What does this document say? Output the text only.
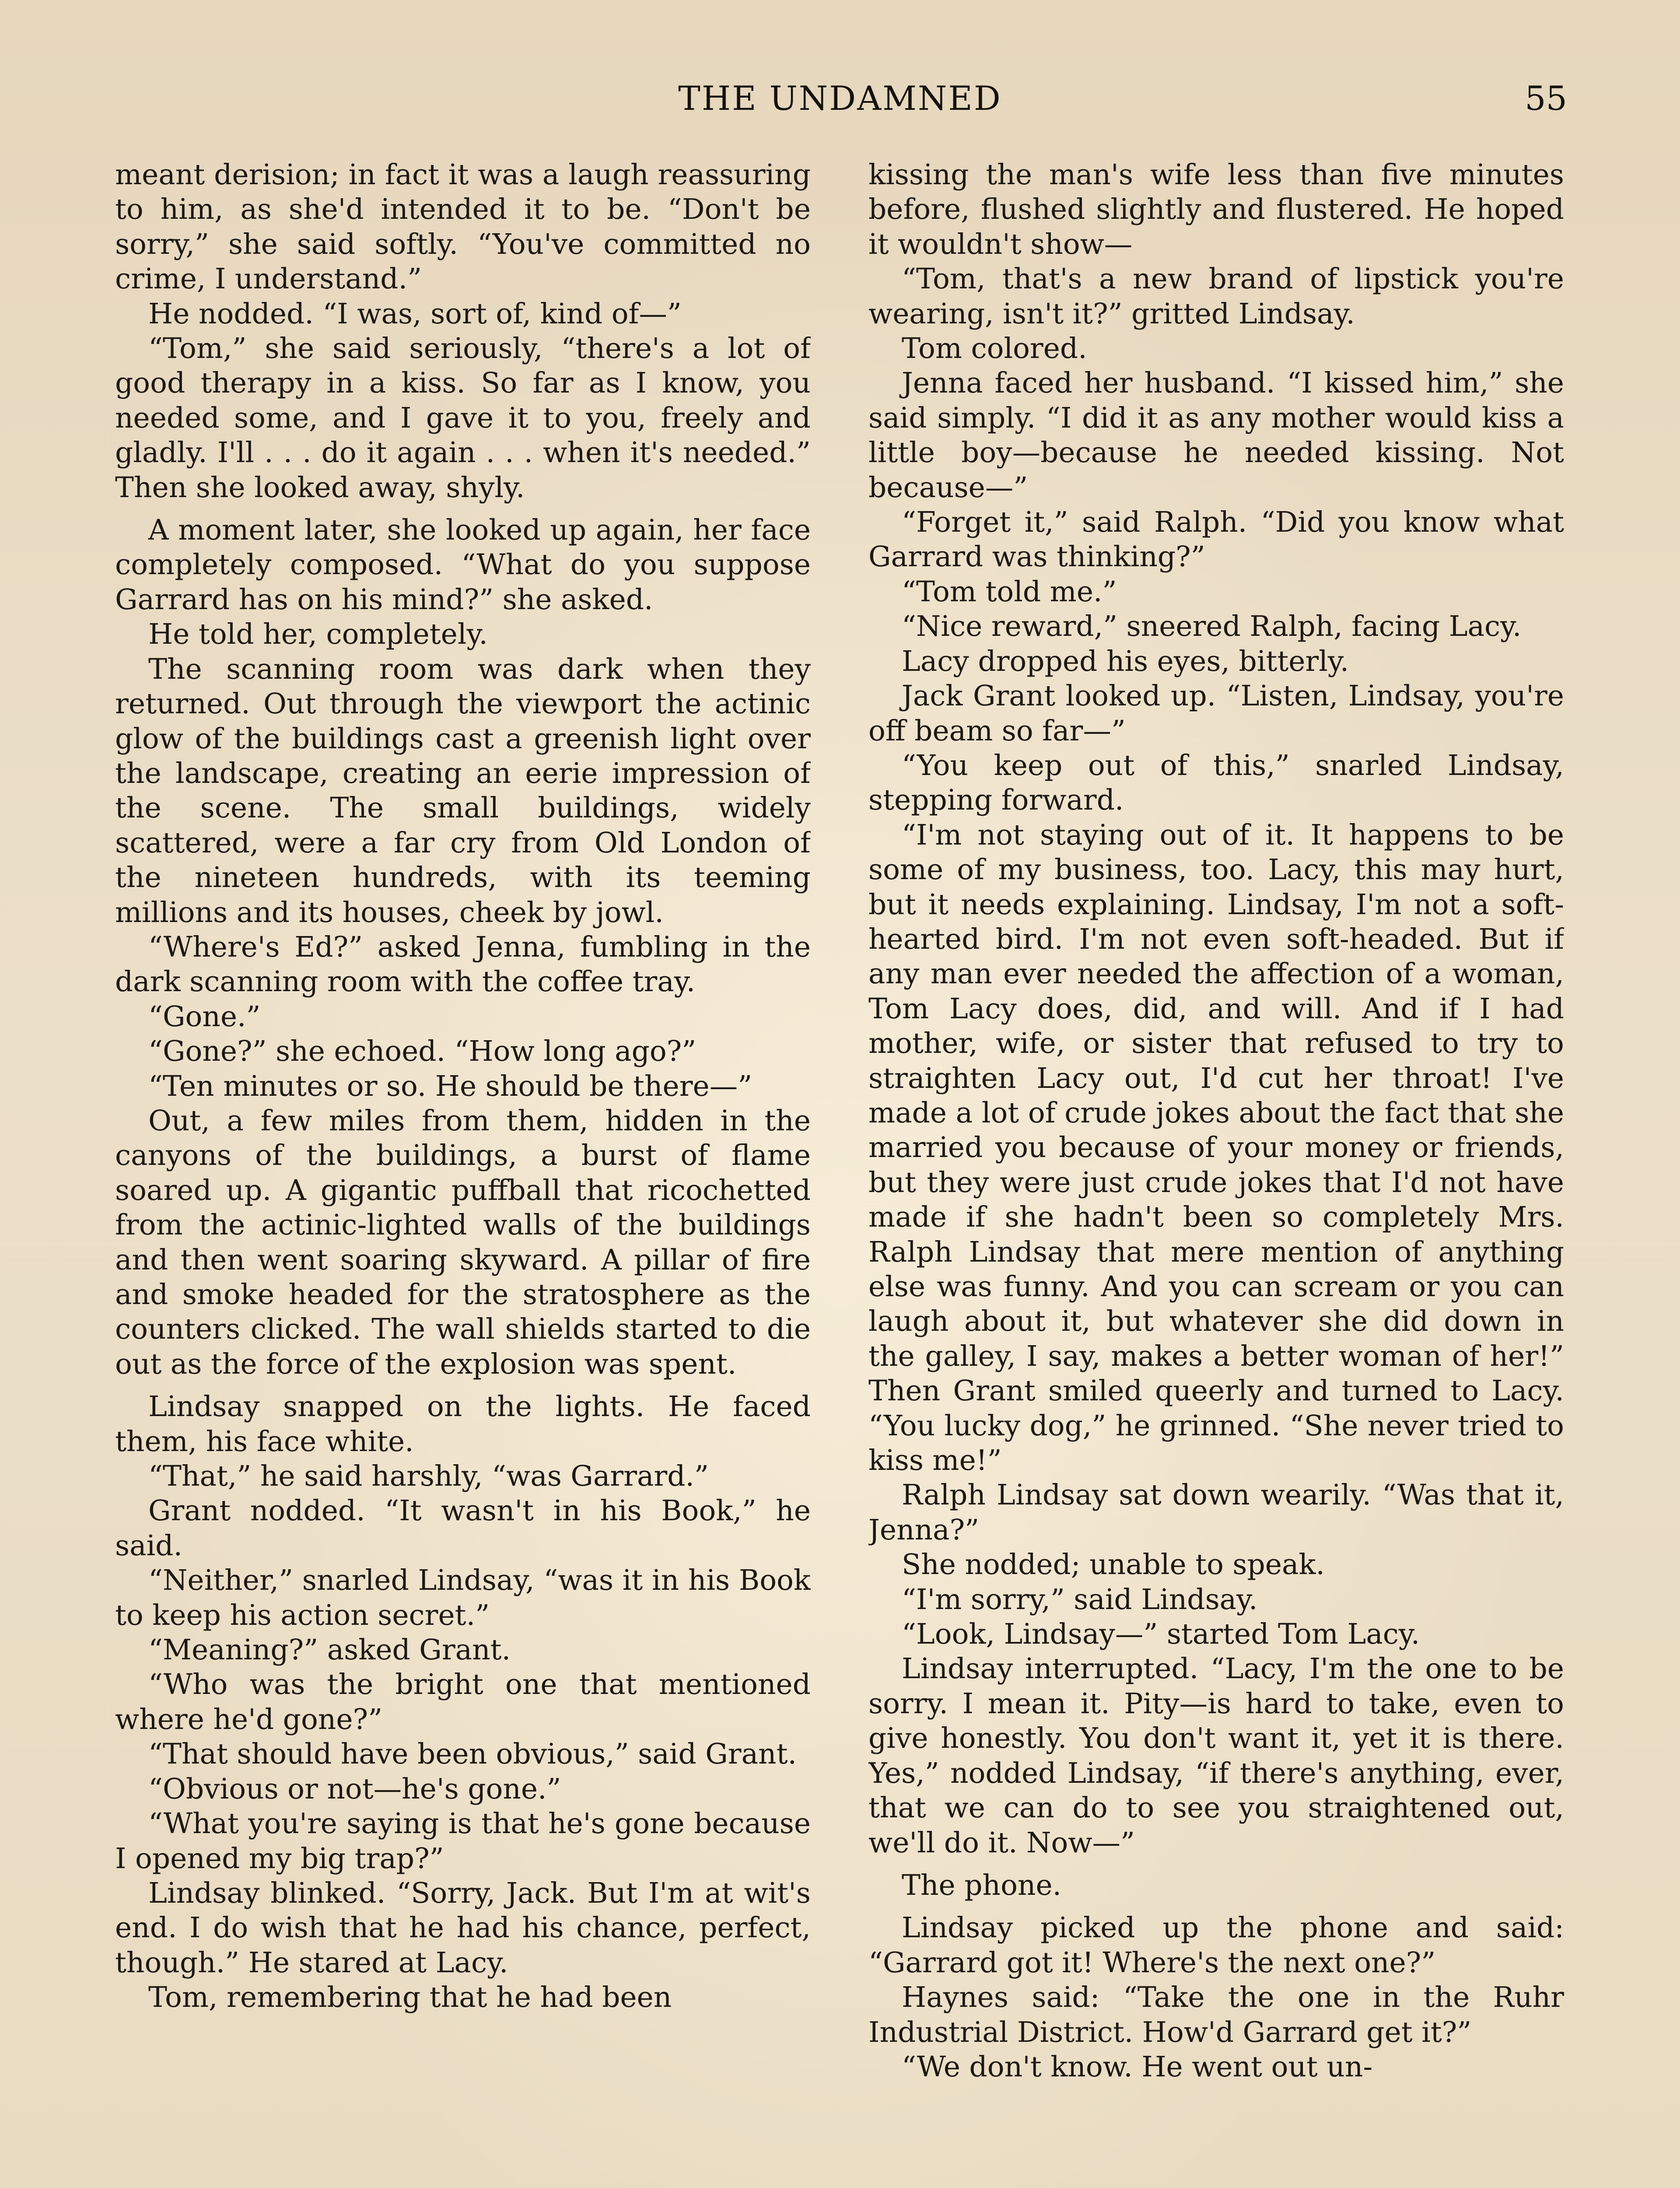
THE UNDAMNED	55

meant derision; in fact it was a laugh reassuring to him, as she'd intended it to be. “Don't be sorry,” she said softly. “You've committed no crime, I understand.”

He nodded. “I was, sort of, kind of—”

“Tom,” she said seriously, “there's a lot of good therapy in a kiss. So far as I know, you needed some, and I gave it to you, freely and gladly. I'll . . . do it again . . . when it's needed.” Then she looked away, shyly.

A moment later, she looked up again, her face completely composed. “What do you suppose Garrard has on his mind?” she asked.

He told her, completely.

The scanning room was dark when they returned. Out through the viewport the actinic glow of the buildings cast a greenish light over the landscape, creating an eerie impression of the scene. The small buildings, widely scattered, were a far cry from Old London of the nineteen hundreds, with its teeming millions and its houses, cheek by jowl.

“Where's Ed?” asked Jenna, fumbling in the dark scanning room with the coffee tray.

“Gone.”

“Gone?” she echoed. “How long ago?”

“Ten minutes or so. He should be there—”

Out, a few miles from them, hidden in the canyons of the buildings, a burst of flame soared up. A gigantic puffball that ricochetted from the actinic-lighted walls of the buildings and then went soaring skyward. A pillar of fire and smoke headed for the stratosphere as the counters clicked. The wall shields started to die out as the force of the explosion was spent.

Lindsay snapped on the lights. He faced them, his face white.

“That,” he said harshly, “was Garrard.”

Grant nodded. “It wasn't in his Book,” he said.

“Neither,” snarled Lindsay, “was it in his Book to keep his action secret.”

“Meaning?” asked Grant.

“Who was the bright one that mentioned where he'd gone?”

“That should have been obvious,” said Grant.

“Obvious or not—he's gone.”

“What you're saying is that he's gone because I opened my big trap?”

Lindsay blinked. “Sorry, Jack. But I'm at wit's end. I do wish that he had his chance, perfect, though.” He stared at Lacy.

Tom, remembering that he had been

kissing the man's wife less than five minutes before, flushed slightly and flustered. He hoped it wouldn't show—

“Tom, that's a new brand of lipstick you're wearing, isn't it?” gritted Lindsay.

Tom colored.

Jenna faced her husband. “I kissed him,” she said simply. “I did it as any mother would kiss a little boy—because he needed kissing. Not because—”

“Forget it,” said Ralph. “Did you know what Garrard was thinking?”

“Tom told me.”

“Nice reward,” sneered Ralph, facing Lacy.

Lacy dropped his eyes, bitterly.

Jack Grant looked up. “Listen, Lindsay, you're off beam so far—”

“You keep out of this,” snarled Lindsay, stepping forward.

“I'm not staying out of it. It happens to be some of my business, too. Lacy, this may hurt, but it needs explaining. Lindsay, I'm not a soft-hearted bird. I'm not even soft-headed. But if any man ever needed the affection of a woman, Tom Lacy does, did, and will. And if I had mother, wife, or sister that refused to try to straighten Lacy out, I'd cut her throat! I've made a lot of crude jokes about the fact that she married you because of your money or friends, but they were just crude jokes that I'd not have made if she hadn't been so completely Mrs. Ralph Lindsay that mere mention of anything else was funny. And you can scream or you can laugh about it, but whatever she did down in the galley, I say, makes a better woman of her!” Then Grant smiled queerly and turned to Lacy. “You lucky dog,” he grinned. “She never tried to kiss me!”

Ralph Lindsay sat down wearily. “Was that it, Jenna?”

She nodded; unable to speak.

“I'm sorry,” said Lindsay.

“Look, Lindsay—” started Tom Lacy.

Lindsay interrupted. “Lacy, I'm the one to be sorry. I mean it. Pity—is hard to take, even to give honestly. You don't want it, yet it is there. Yes,” nodded Lindsay, “if there's anything, ever, that we can do to see you straightened out, we'll do it. Now—”

The phone.

Lindsay picked up the phone and said: “Garrard got it! Where's the next one?”

Haynes said: “Take the one in the Ruhr Industrial District. How'd Garrard get it?”

“We don't know. He went out un-
